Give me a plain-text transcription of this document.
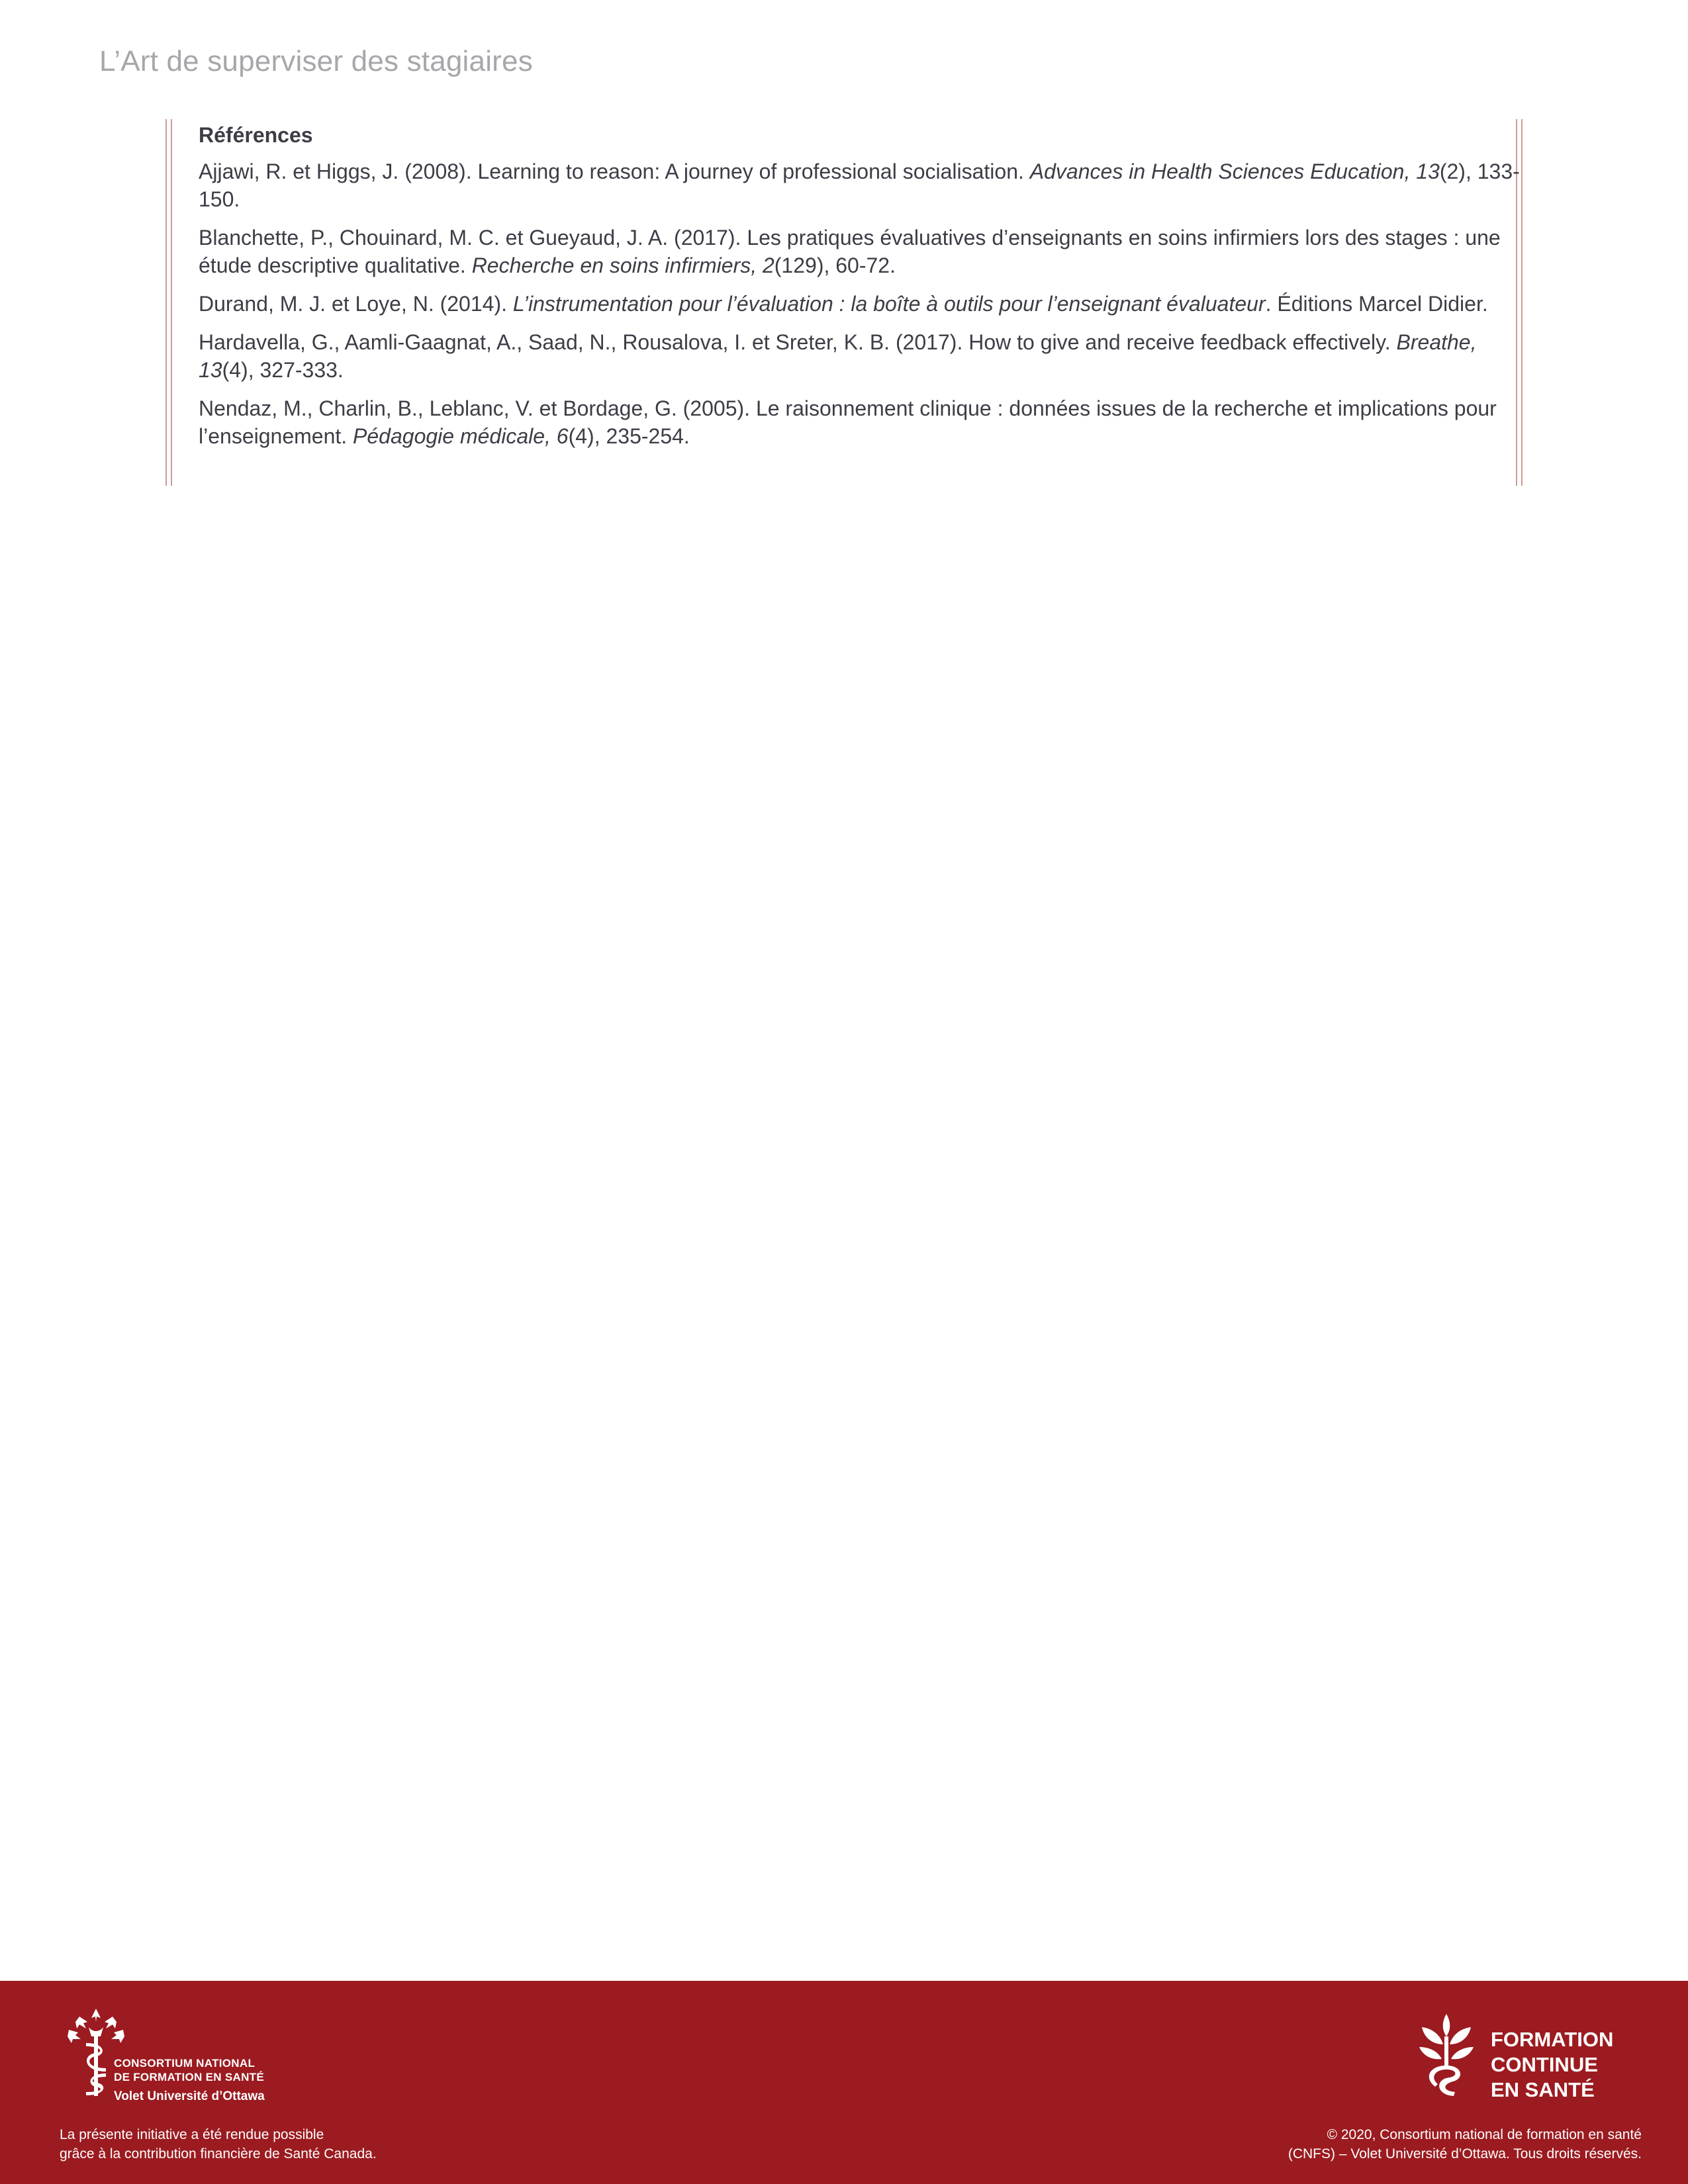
L’Art de superviser des stagiaires
Références
Ajjawi, R. et Higgs, J. (2008). Learning to reason: A journey of professional socialisation. Advances in Health Sciences Education, 13(2), 133-150.
Blanchette, P., Chouinard, M. C. et Gueyaud, J. A. (2017). Les pratiques évaluatives d’enseignants en soins infirmiers lors des stages : une étude descriptive qualitative. Recherche en soins infirmiers, 2(129), 60-72.
Durand, M. J. et Loye, N. (2014). L’instrumentation pour l’évaluation : la boîte à outils pour l’enseignant évaluateur. Éditions Marcel Didier.
Hardavella, G., Aamli-Gaagnat, A., Saad, N., Rousalova, I. et Sreter, K. B. (2017). How to give and receive feedback effectively. Breathe, 13(4), 327-333.
Nendaz, M., Charlin, B., Leblanc, V. et Bordage, G. (2005). Le raisonnement clinique : données issues de la recherche et implications pour l’enseignement. Pédagogie médicale, 6(4), 235-254.
CONSORTIUM NATIONAL
DE FORMATION EN SANTÉ
Volet Université d’Ottawa
FORMATION
CONTINUE
EN SANTÉ
La présente initiative a été rendue possible
grâce à la contribution financière de Santé Canada.
© 2020, Consortium national de formation en santé
(CNFS) – Volet Université d’Ottawa. Tous droits réservés.
